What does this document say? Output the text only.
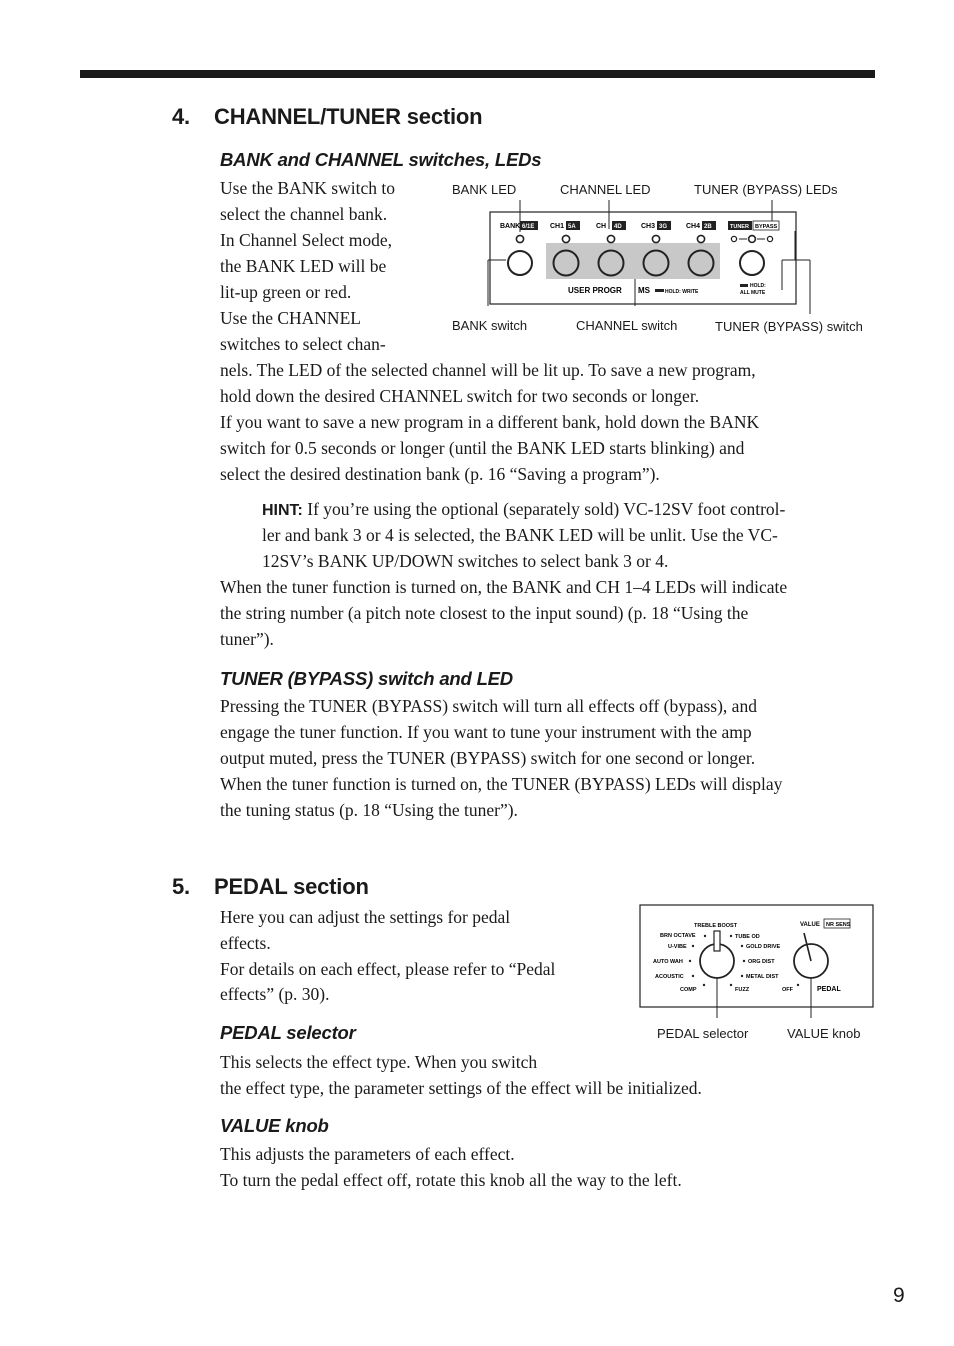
4. CHANNEL/TUNER section
BANK and CHANNEL switches, LEDs
Use the BANK switch to
select the channel bank.
In Channel Select mode,
the BANK LED will be
lit-up green or red.
Use the CHANNEL
switches to select chan-
nels. The LED of the selected channel will be lit up. To save a new program,
hold down the desired CHANNEL switch for two seconds or longer.
If you want to save a new program in a different bank, hold down the BANK
switch for 0.5 seconds or longer (until the BANK LED starts blinking) and
select the desired destination bank (p. 16 “Saving a program”).
HINT: If you’re using the optional (separately sold) VC-12SV foot control-
ler and bank 3 or 4 is selected, the BANK LED will be unlit. Use the VC-
12SV’s BANK UP/DOWN switches to select bank 3 or 4.
When the tuner function is turned on, the BANK and CH 1–4 LEDs will indicate
the string number (a pitch note closest to the input sound) (p. 18 “Using the
tuner”).
TUNER (BYPASS) switch and LED
Pressing the TUNER (BYPASS) switch will turn all effects off (bypass), and
engage the tuner function. If you want to tune your instrument with the amp
output muted, press the TUNER (BYPASS) switch for one second or longer.
When the tuner function is turned on, the TUNER (BYPASS) LEDs will display
the tuning status (p. 18 “Using the tuner”).
BANK LED	CHANNEL LED	TUNER (BYPASS) LEDs
BANK switch	CHANNEL switch	TUNER (BYPASS) switch
BANK 6/1E CH1 5A	CH 4D	CH3 3G	CH4 2B	TUNER BYPASS
USER PROGR MS	HOLD: WRITE
HOLD:
ALL MUTE
5. PEDAL section
Here you can adjust the settings for pedal
effects.
For details on each effect, please refer to “Pedal
effects” (p. 30).
PEDAL selector
This selects the effect type. When you switch
the effect type, the parameter settings of the effect will be initialized.
VALUE knob
This adjusts the parameters of each effect.
To turn the pedal effect off, rotate this knob all the way to the left.
TREBLE BOOST
BRN OCTAVE	TUBE OD
U-VIBE	GOLD DRIVE
AUTO WAH	ORG DIST
ACOUSTIC	METAL DIST
COMP	FUZZ
VALUE NR SENS
OFF	PEDAL
PEDAL selector	VALUE knob
9
